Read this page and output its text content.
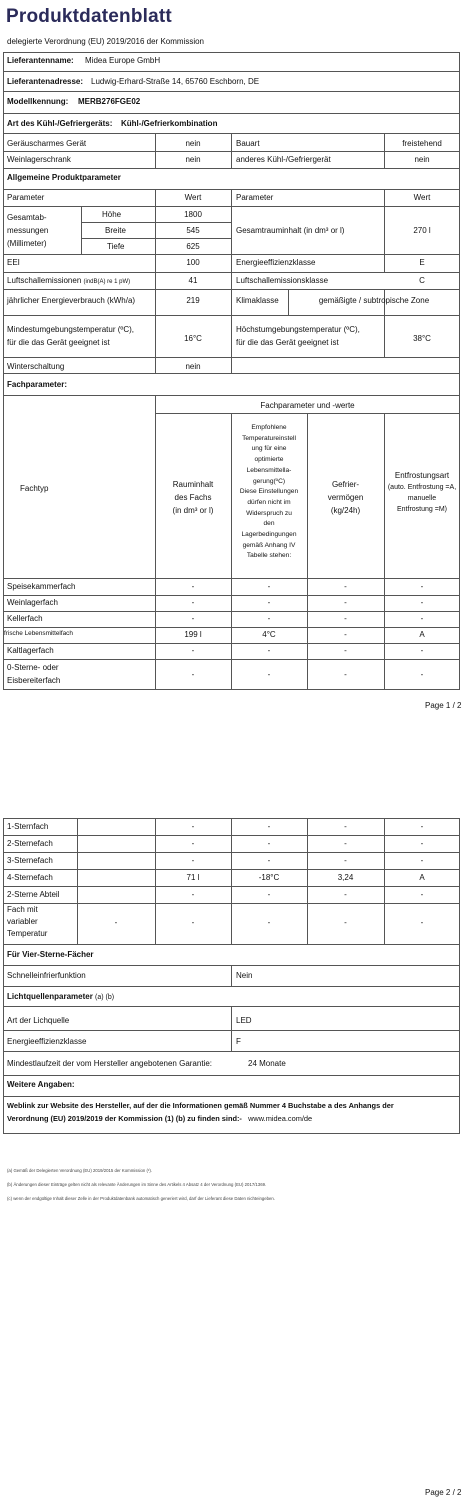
Produktdatenblatt
delegierte Verordnung (EU) 2019/2016 der Kommission
Lieferantenname: Midea Europe GmbH
Lieferantenadresse: Ludwig-Erhard-Straße 14, 65760 Eschborn, DE
Modellkennung: MERB276FGE02
Art des Kühl-/Gefriergeräts: Kühl-/Gefrierkombination
Geräuscharmes Gerät	nein	Bauart	freistehend
Weinlagerschrank	nein	anderes Kühl-/Gefriergerät	nein
Allgemeine Produktparameter
Parameter	Wert	Parameter	Wert
Gesamtab-
messungen
(Millimeter)
Höhe	1800
Breite	545
Tiefe	625
Gesamtrauminhalt (in dm³ or l)	270 l
EEI	100	Energieeffizienzklasse	E
Luftschallemissionen (indB(A) re 1 pW)	41	Luftschallemissionsklasse	C
jährlicher Energieverbrauch (kWh/a)	219	Klimaklasse	gemäßigte / subtropische Zone
Mindestumgebungstemperatur (ºC),
für die das Gerät geeignet ist	16°C
Höchstumgebungstemperatur (ºC),
für die das Gerät geeignet ist	38°C
Winterschaltung	nein
Fachparameter:
Fachparameter und -werte
Fachtyp	Rauminhalt
des Fachs
(in dm³ or l)
Empfohlene
Temperatureinstell
ung für eine
optimierte
Lebensmittella-
gerung(ºC)
Diese Einstellungen
dürfen nicht im
Widerspruch zu
den
Lagerbedingungen
gemäß Anhang IV
Tabelle stehen:
Gefrier-
vermögen
(kg/24h)
Entfrostungsart
(auto. Entfrostung =A,
manuelle
Entfrostung =M)
Speisekammerfach	-	-	-	-
Weinlagerfach	-	-	-	-
Kellerfach	-	-	-	-
frische Lebensmittelfach	199 l	4°C	-	A
Kaltlagerfach	-	-	-	-
0-Sterne- oder
Eisbereiterfach
-	-	-	-
Page 1 / 2
1-Sternfach	-	-	-	-
2-Sternefach	-	-	-	-
3-Sternefach	-	-	-	-
4-Sternefach	71 l	-18°C	3,24	A
2-Sterne Abteil	-	-	-	-
Fach mit
variabler
Temperatur
-	-	-	-	-
Für Vier-Sterne-Fächer
Schnelleinfrierfunktion	Nein
Lichtquellenparameter (a) (b)
Art der Lichquelle	LED
Energieeffizienzklasse	F
Mindestlaufzeit der vom Hersteller angebotenen Garantie:	24 Monate
Weitere Angaben:
Weblink zur Website des Hersteller, auf der die Informationen gemäß Nummer 4 Buchstabe a des Anhangs der
Verordnung (EU) 2019/2019 der Kommission (1) (b) zu finden sind:- www.midea.com/de
(a) Gemäß der Delegierten Verordnung (EU) 2019/2015 der Kommission (²).
(b) Änderungen dieser Einträge gelten nicht als relevante Änderungen im Sinne des Artikels 4 Absatz 4 der Verordnung (EU) 2017/1369.
(c) wenn der endgültige Inhalt dieser Zelle in der Produktdatenbank automatisch generiert wird, darf der Lieferant diese Daten nichteingeben.
Page 2 / 2
